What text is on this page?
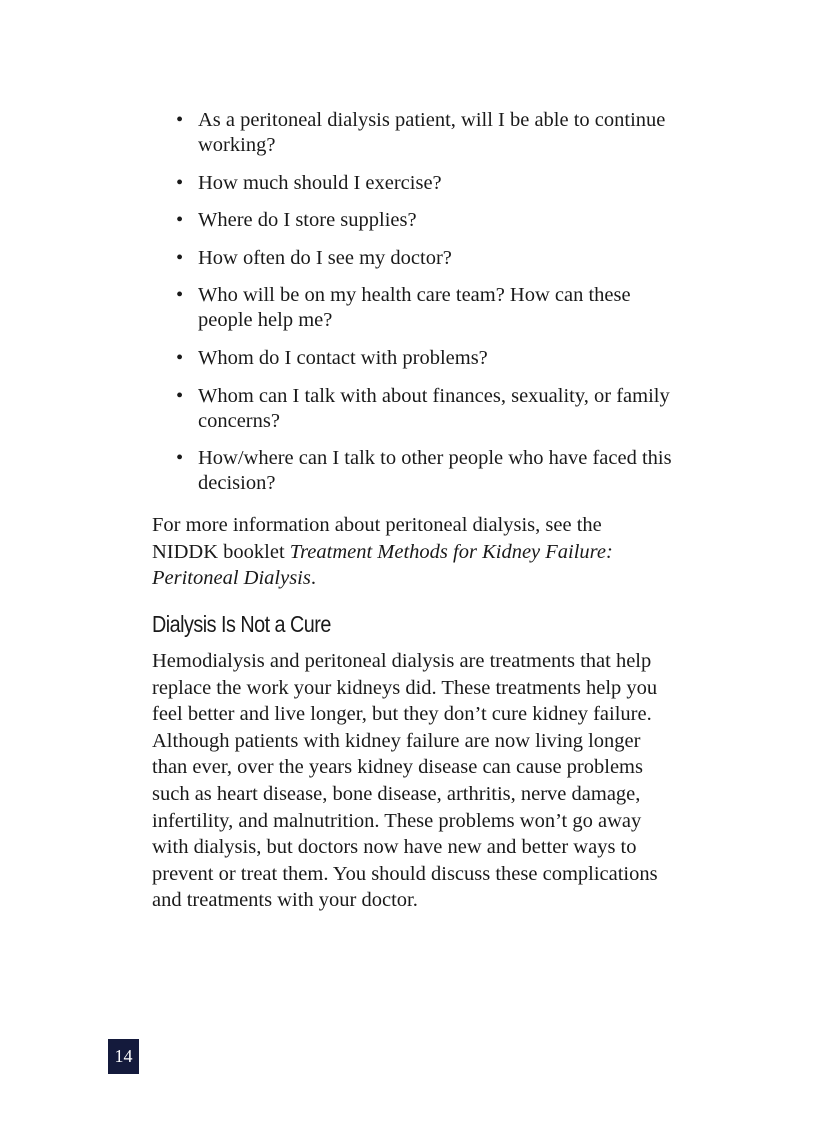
• As a peritoneal dialysis patient, will I be able to continue working?
• How much should I exercise?
• Where do I store supplies?
• How often do I see my doctor?
• Who will be on my health care team? How can these people help me?
• Whom do I contact with problems?
• Whom can I talk with about finances, sexuality, or family concerns?
• How/where can I talk to other people who have faced this decision?

For more information about peritoneal dialysis, see the NIDDK booklet Treatment Methods for Kidney Failure: Peritoneal Dialysis.

Dialysis Is Not a Cure

Hemodialysis and peritoneal dialysis are treatments that help replace the work your kidneys did. These treatments help you feel better and live longer, but they don’t cure kidney failure. Although patients with kidney failure are now living longer than ever, over the years kidney disease can cause problems such as heart disease, bone disease, arthritis, nerve damage, infertility, and malnutrition. These problems won’t go away with dialysis, but doctors now have new and better ways to prevent or treat them. You should discuss these complications and treatments with your doctor.

14
